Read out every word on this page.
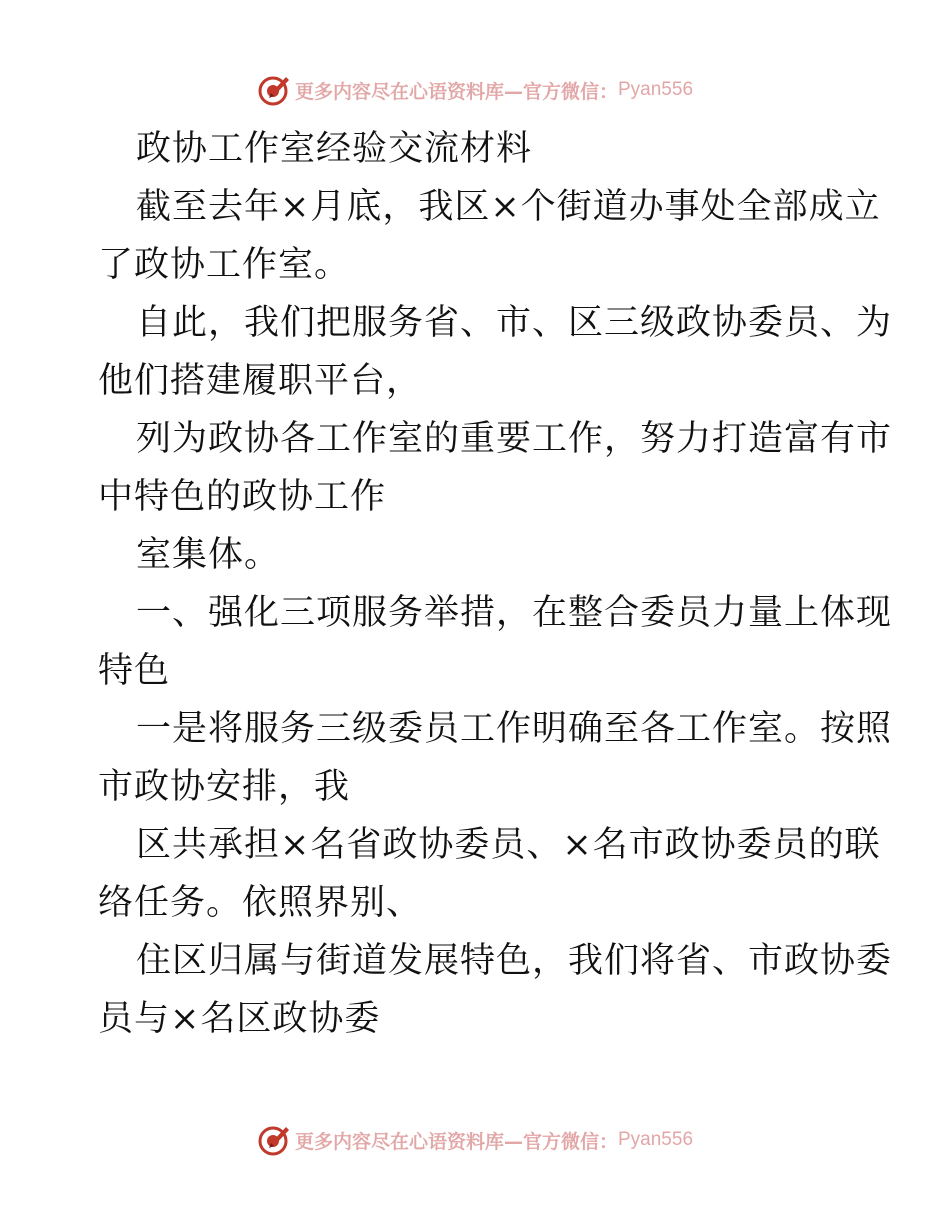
更多内容尽在心语资料库—官方微信： Pyan556

政协工作室经验交流材料

截至去年×月底，我区×个街道办事处全部成立

了政协工作室。

自此，我们把服务省、市、区三级政协委员、为

他们搭建履职平台，

列为政协各工作室的重要工作，努力打造富有市

中特色的政协工作

室集体。

一、强化三项服务举措，在整合委员力量上体现

特色

一是将服务三级委员工作明确至各工作室。按照

市政协安排，我

区共承担×名省政协委员、×名市政协委员的联

络任务。依照界别、

住区归属与街道发展特色，我们将省、市政协委

员与×名区政协委

更多内容尽在心语资料库—官方微信： Pyan556
